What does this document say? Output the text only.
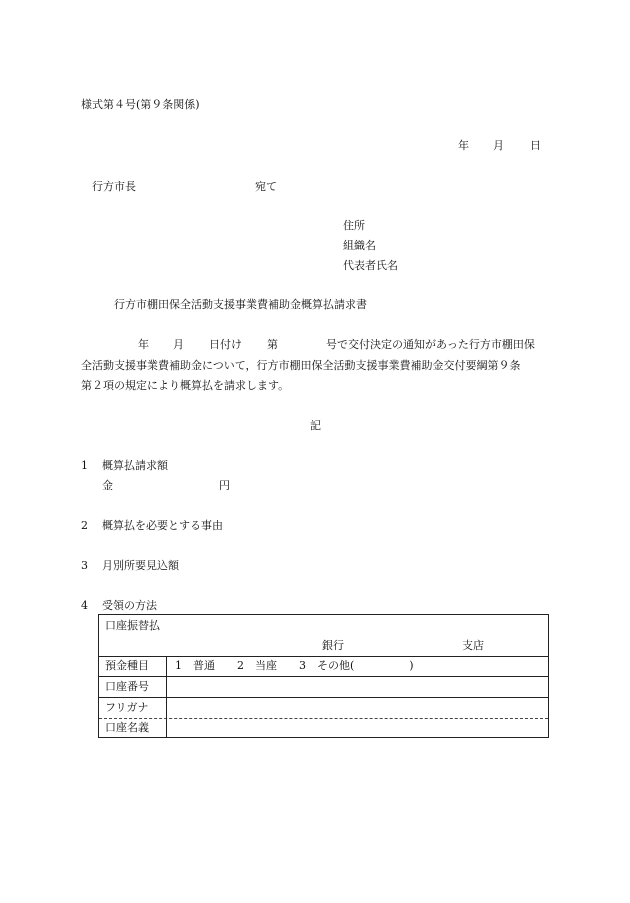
様式第４号(第９条関係)
年 月 日
行方市長	宛て
住所
組織名
代表者氏名
行方市棚田保全活動支援事業費補助金概算払請求書
年 月 日付け 第	号で交付決定の通知があった行方市棚田保
全活動支援事業費補助金について，行方市棚田保全活動支援事業費補助金交付要綱第９条
第２項の規定により概算払を請求します。
記
1 概算払請求額
金	円
2 概算払を必要とする事由
3 月別所要見込額
4 受領の方法
口座振替払
銀行	支店
預金種目	1　普通　　2　当座　　3　その他(　　　　　)
口座番号
フリガナ
口座名義
